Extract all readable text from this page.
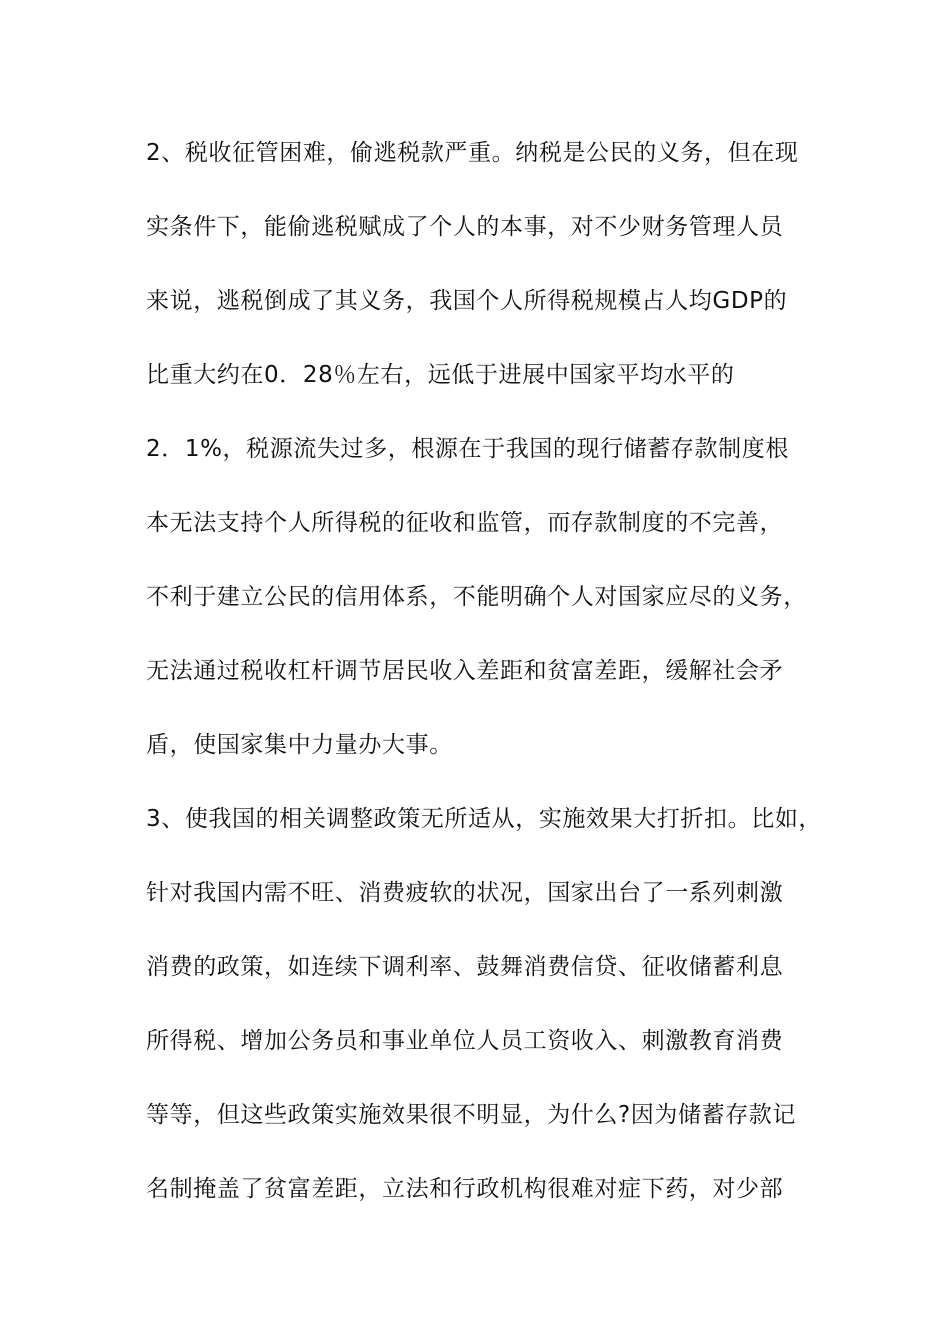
2、税收征管困难，偷逃税款严重。纳税是公民的义务，但在现
实条件下，能偷逃税赋成了个人的本事，对不少财务管理人员
来说，逃税倒成了其义务，我国个人所得税规模占人均GDP的
比重大约在0．28％左右，远低于进展中国家平均水平的
2．1%，税源流失过多，根源在于我国的现行储蓄存款制度根
本无法支持个人所得税的征收和监管，而存款制度的不完善，
不利于建立公民的信用体系，不能明确个人对国家应尽的义务，
无法通过税收杠杆调节居民收入差距和贫富差距，缓解社会矛
盾，使国家集中力量办大事。
3、使我国的相关调整政策无所适从，实施效果大打折扣。比如，
针对我国内需不旺、消费疲软的状况，国家出台了一系列刺激
消费的政策，如连续下调利率、鼓舞消费信贷、征收储蓄利息
所得税、增加公务员和事业单位人员工资收入、刺激教育消费
等等，但这些政策实施效果很不明显，为什么?因为储蓄存款记
名制掩盖了贫富差距，立法和行政机构很难对症下药，对少部
